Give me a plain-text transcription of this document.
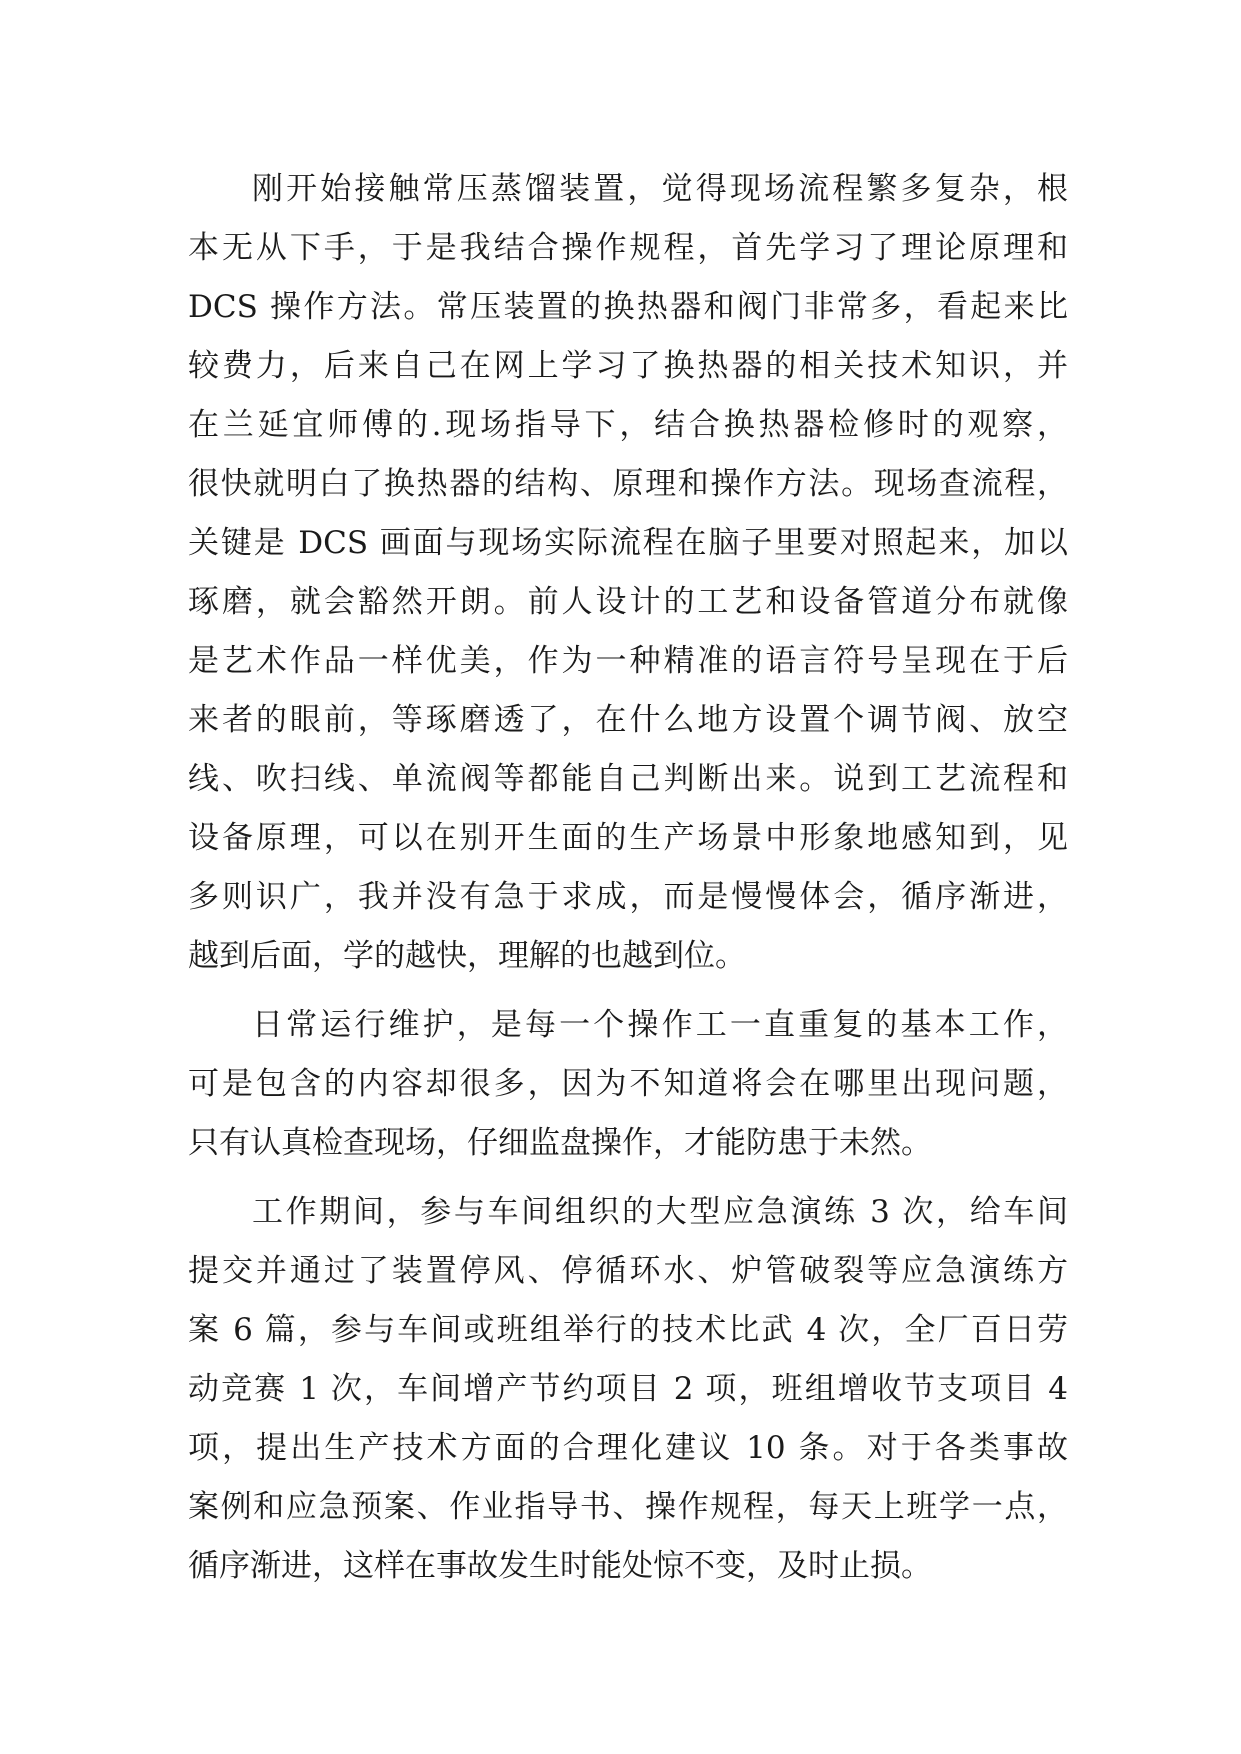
刚开始接触常压蒸馏装置，觉得现场流程繁多复杂，根
本无从下手，于是我结合操作规程，首先学习了理论原理和
DCS 操作方法。常压装置的换热器和阀门非常多，看起来比
较费力，后来自己在网上学习了换热器的相关技术知识，并
在兰延宜师傅的.现场指导下，结合换热器检修时的观察，
很快就明白了换热器的结构、原理和操作方法。现场查流程，
关键是 DCS 画面与现场实际流程在脑子里要对照起来，加以
琢磨，就会豁然开朗。前人设计的工艺和设备管道分布就像
是艺术作品一样优美，作为一种精准的语言符号呈现在于后
来者的眼前，等琢磨透了，在什么地方设置个调节阀、放空
线、吹扫线、单流阀等都能自己判断出来。说到工艺流程和
设备原理，可以在别开生面的生产场景中形象地感知到，见
多则识广，我并没有急于求成，而是慢慢体会，循序渐进，
越到后面，学的越快，理解的也越到位。
日常运行维护，是每一个操作工一直重复的基本工作，
可是包含的内容却很多，因为不知道将会在哪里出现问题，
只有认真检查现场，仔细监盘操作，才能防患于未然。
工作期间，参与车间组织的大型应急演练 3 次，给车间
提交并通过了装置停风、停循环水、炉管破裂等应急演练方
案 6 篇，参与车间或班组举行的技术比武 4 次，全厂百日劳
动竞赛 1 次，车间增产节约项目 2 项，班组增收节支项目 4
项，提出生产技术方面的合理化建议 10 条。对于各类事故
案例和应急预案、作业指导书、操作规程，每天上班学一点，
循序渐进，这样在事故发生时能处惊不变，及时止损。
